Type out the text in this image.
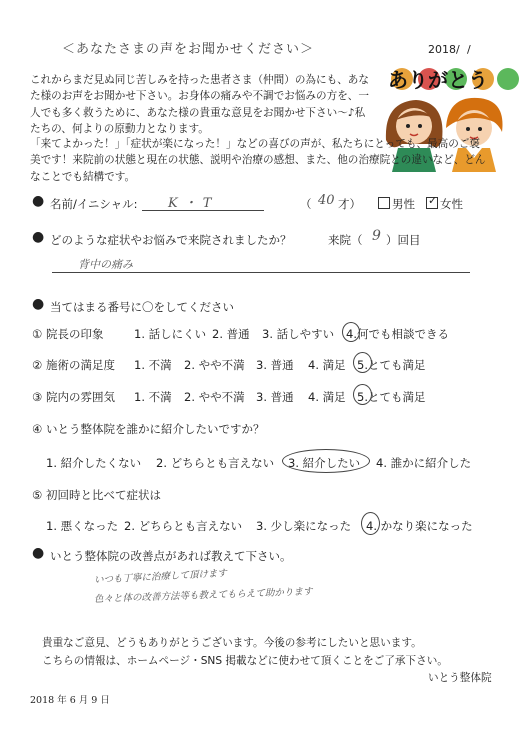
＜あなたさまの声をお聞かせください＞	2018/ /
ありがとう
これからまだ見ぬ同じ苦しみを持った患者さま（仲間）の為にも、あなた様のお声をお聞かせ下さい。お身体の痛みや不調でお悩みの方を、一人でも多く救うために、あなた様の貴重な意見をお聞かせ下さい〜♪私たちの、何よりの原動力となります。
「来てよかった！」「症状が楽になった！」などの喜びの声が、私たちにとっても、最高のご褒美です！来院前の状態と現在の状態、説明や治療の感想、また、他の治療院との違いなど、どんなことでも結構です。
● 名前/イニシャル: K・T	（ 40 才）	男性 ✓ 女性
● どのような症状やお悩みで来院されましたか？	来院（ 9 ）回目
背中の痛み
● 当てはまる番号に〇をしてください
① 院長の印象	1. 話しにくい 2. 普通 3. 話しやすい 4.何でも相談できる
② 施術の満足度 1. 不満 2. やや不満 3. 普通 4. 満足 5.とても満足
③ 院内の雰囲気 1. 不満 2. やや不満 3. 普通 4. 満足 5.とても満足
④ いとう整体院を誰かに紹介したいですか？
1. 紹介したくない 2. どちらとも言えない 3. 紹介したい 4. 誰かに紹介した
⑤ 初回時と比べて症状は
1. 悪くなった 2. どちらとも言えない 3. 少し楽になった 4. かなり楽になった
● いとう整体院の改善点があれば教えて下さい。
いつも丁寧に治療して頂けます
色々と体の改善方法等も教えてもらえて助かります
貴重なご意見、どうもありがとうございます。今後の参考にしたいと思います。
こちらの情報は、ホームページ・SNS 掲載などに使わせて頂くことをご了承下さい。
いとう整体院
2018 年 6 月 9 日
